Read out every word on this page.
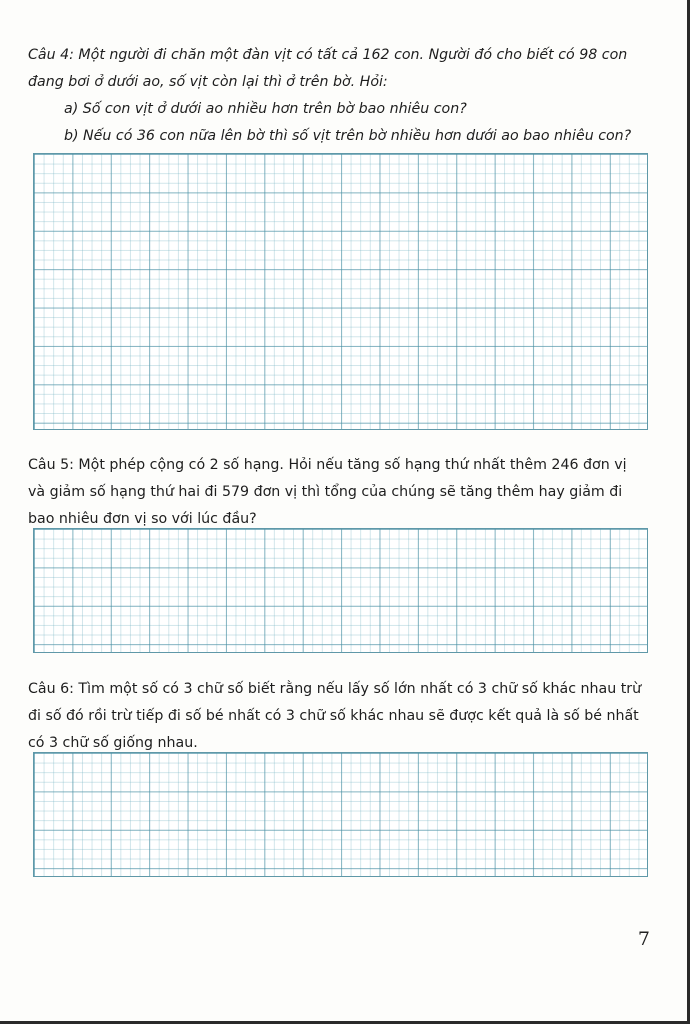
Câu 4: Một người đi chăn một đàn vịt có tất cả 162 con. Người đó cho biết có 98 con
đang bơi ở dưới ao, số vịt còn lại thì ở trên bờ. Hỏi:
a) Số con vịt ở dưới ao nhiều hơn trên bờ bao nhiêu con?
b) Nếu có 36 con nữa lên bờ thì số vịt trên bờ nhiều hơn dưới ao bao nhiêu con?
Câu 5: Một phép cộng có 2 số hạng. Hỏi nếu tăng số hạng thứ nhất thêm 246 đơn vị
và giảm số hạng thứ hai đi 579 đơn vị thì tổng của chúng sẽ tăng thêm hay giảm đi
bao nhiêu đơn vị so với lúc đầu?
Câu 6: Tìm một số có 3 chữ số biết rằng nếu lấy số lớn nhất có 3 chữ số khác nhau trừ
đi số đó rồi trừ tiếp đi số bé nhất có 3 chữ số khác nhau sẽ được kết quả là số bé nhất
có 3 chữ số giống nhau.
7
